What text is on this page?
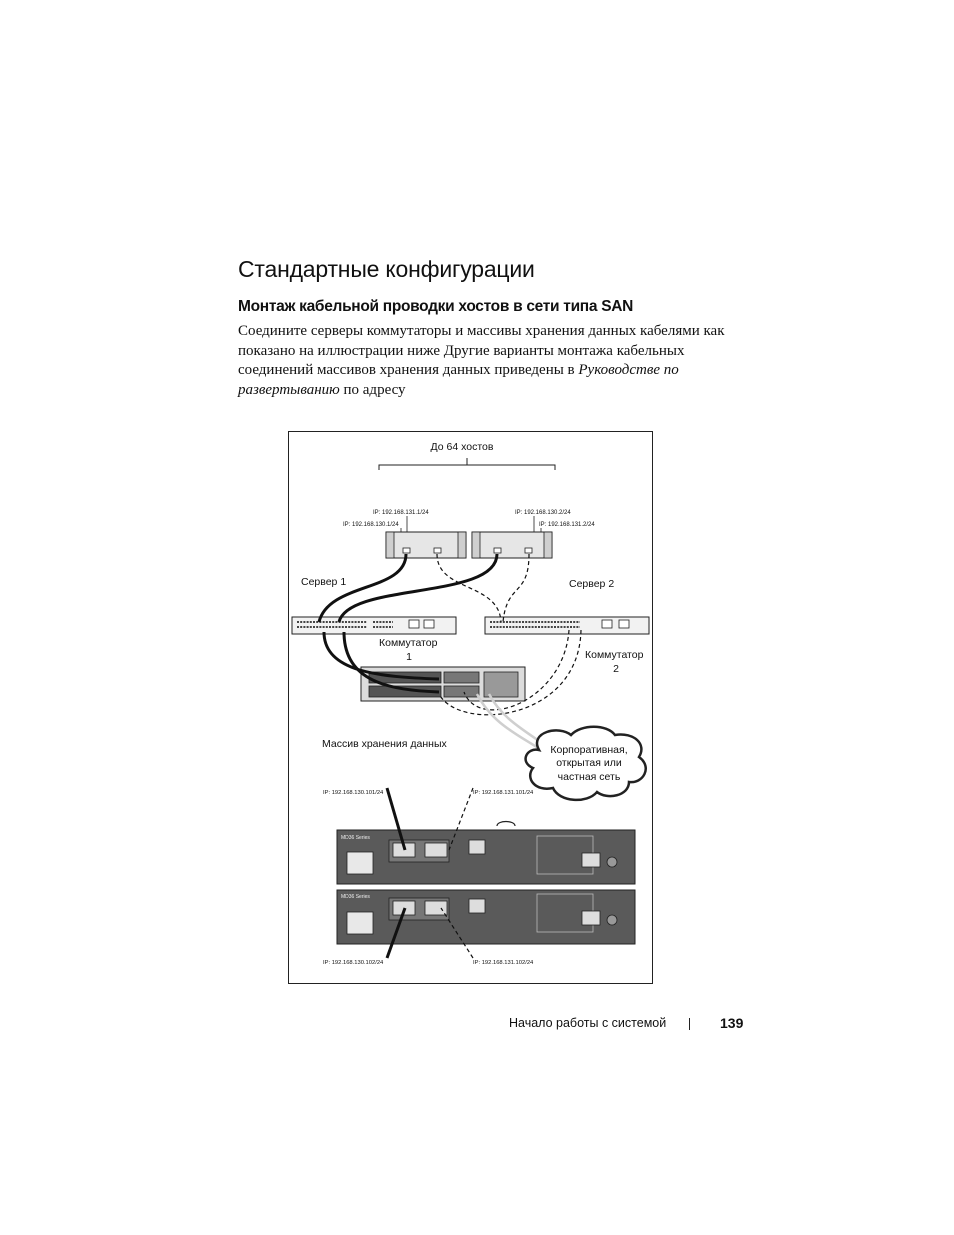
Стандартные конфигурации
Монтаж кабельной проводки хостов в сети типа SAN

Соедините серверы коммутаторы и массивы хранения данных кабелями как
показано на иллюстрации ниже Другие варианты монтажа кабельных
соединений массивов хранения данных приведены в Руководстве по
развертыванию по адресу

До 64 хостов
IP: 192.168.131.1/24
IP: 192.168.130.1/24
IP: 192.168.130.2/24
IP: 192.168.131.2/24
Сервер 1	Сервер 2
Коммутатор
1	Коммутатор
2
Массив хранения данных	Корпоративная,
открытая или
частная сеть
IP: 192.168.130.101/24	IP: 192.168.131.101/24
IP: 192.168.130.102/24	IP: 192.168.131.102/24
MD36 Series
MD36 Series
Начало работы с системой	139
